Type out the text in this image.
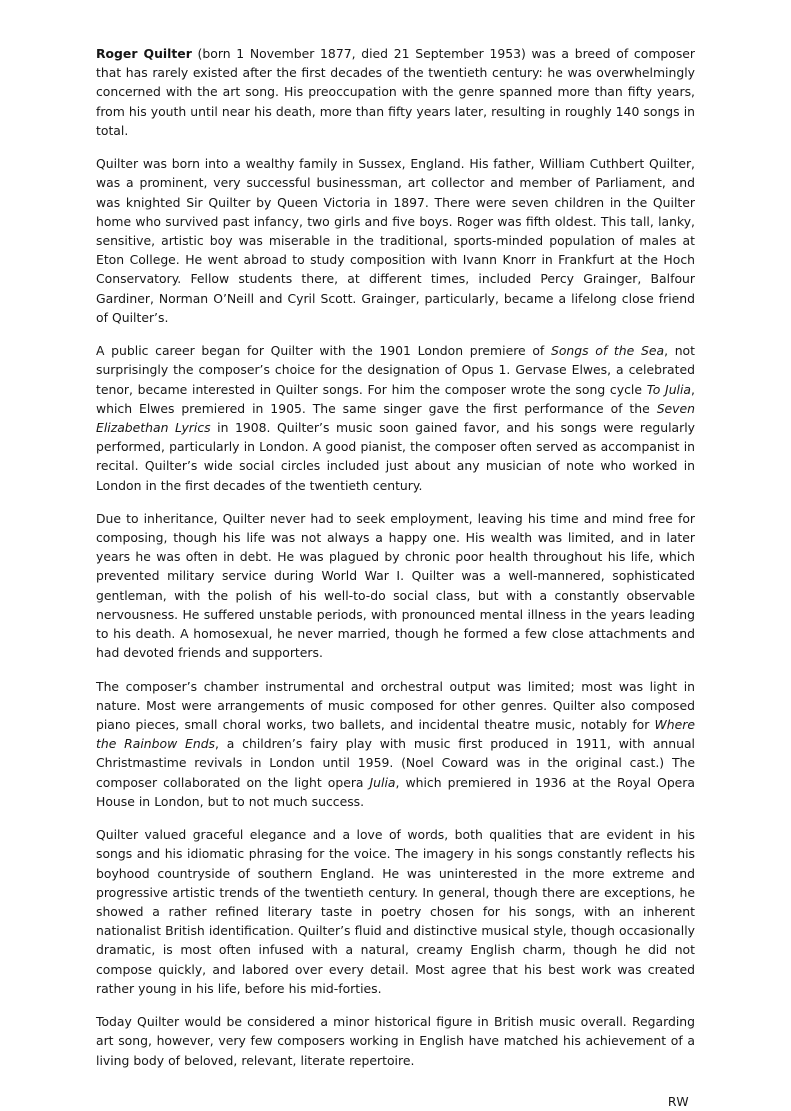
Roger Quilter (born 1 November 1877, died 21 September 1953) was a breed of composer that has rarely existed after the first decades of the twentieth century: he was overwhelmingly concerned with the art song. His preoccupation with the genre spanned more than fifty years, from his youth until near his death, more than fifty years later, resulting in roughly 140 songs in total.

Quilter was born into a wealthy family in Sussex, England. His father, William Cuthbert Quilter, was a prominent, very successful businessman, art collector and member of Parliament, and was knighted Sir Quilter by Queen Victoria in 1897. There were seven children in the Quilter home who survived past infancy, two girls and five boys. Roger was fifth oldest. This tall, lanky, sensitive, artistic boy was miserable in the traditional, sports-minded population of males at Eton College. He went abroad to study composition with Ivann Knorr in Frankfurt at the Hoch Conservatory. Fellow students there, at different times, included Percy Grainger, Balfour Gardiner, Norman O’Neill and Cyril Scott. Grainger, particularly, became a lifelong close friend of Quilter’s.

A public career began for Quilter with the 1901 London premiere of Songs of the Sea, not surprisingly the composer’s choice for the designation of Opus 1. Gervase Elwes, a celebrated tenor, became interested in Quilter songs. For him the composer wrote the song cycle To Julia, which Elwes premiered in 1905. The same singer gave the first performance of the Seven Elizabethan Lyrics in 1908. Quilter’s music soon gained favor, and his songs were regularly performed, particularly in London. A good pianist, the composer often served as accompanist in recital. Quilter’s wide social circles included just about any musician of note who worked in London in the first decades of the twentieth century.

Due to inheritance, Quilter never had to seek employment, leaving his time and mind free for composing, though his life was not always a happy one. His wealth was limited, and in later years he was often in debt. He was plagued by chronic poor health throughout his life, which prevented military service during World War I. Quilter was a well-mannered, sophisticated gentleman, with the polish of his well-to-do social class, but with a constantly observable nervousness. He suffered unstable periods, with pronounced mental illness in the years leading to his death. A homosexual, he never married, though he formed a few close attachments and had devoted friends and supporters.

The composer’s chamber instrumental and orchestral output was limited; most was light in nature. Most were arrangements of music composed for other genres. Quilter also composed piano pieces, small choral works, two ballets, and incidental theatre music, notably for Where the Rainbow Ends, a children’s fairy play with music first produced in 1911, with annual Christmastime revivals in London until 1959. (Noel Coward was in the original cast.) The composer collaborated on the light opera Julia, which premiered in 1936 at the Royal Opera House in London, but to not much success.

Quilter valued graceful elegance and a love of words, both qualities that are evident in his songs and his idiomatic phrasing for the voice. The imagery in his songs constantly reflects his boyhood countryside of southern England. He was uninterested in the more extreme and progressive artistic trends of the twentieth century. In general, though there are exceptions, he showed a rather refined literary taste in poetry chosen for his songs, with an inherent nationalist British identification. Quilter’s fluid and distinctive musical style, though occasionally dramatic, is most often infused with a natural, creamy English charm, though he did not compose quickly, and labored over every detail. Most agree that his best work was created rather young in his life, before his mid-forties.

Today Quilter would be considered a minor historical figure in British music overall. Regarding art song, however, very few composers working in English have matched his achievement of a living body of beloved, relevant, literate repertoire.

RW
